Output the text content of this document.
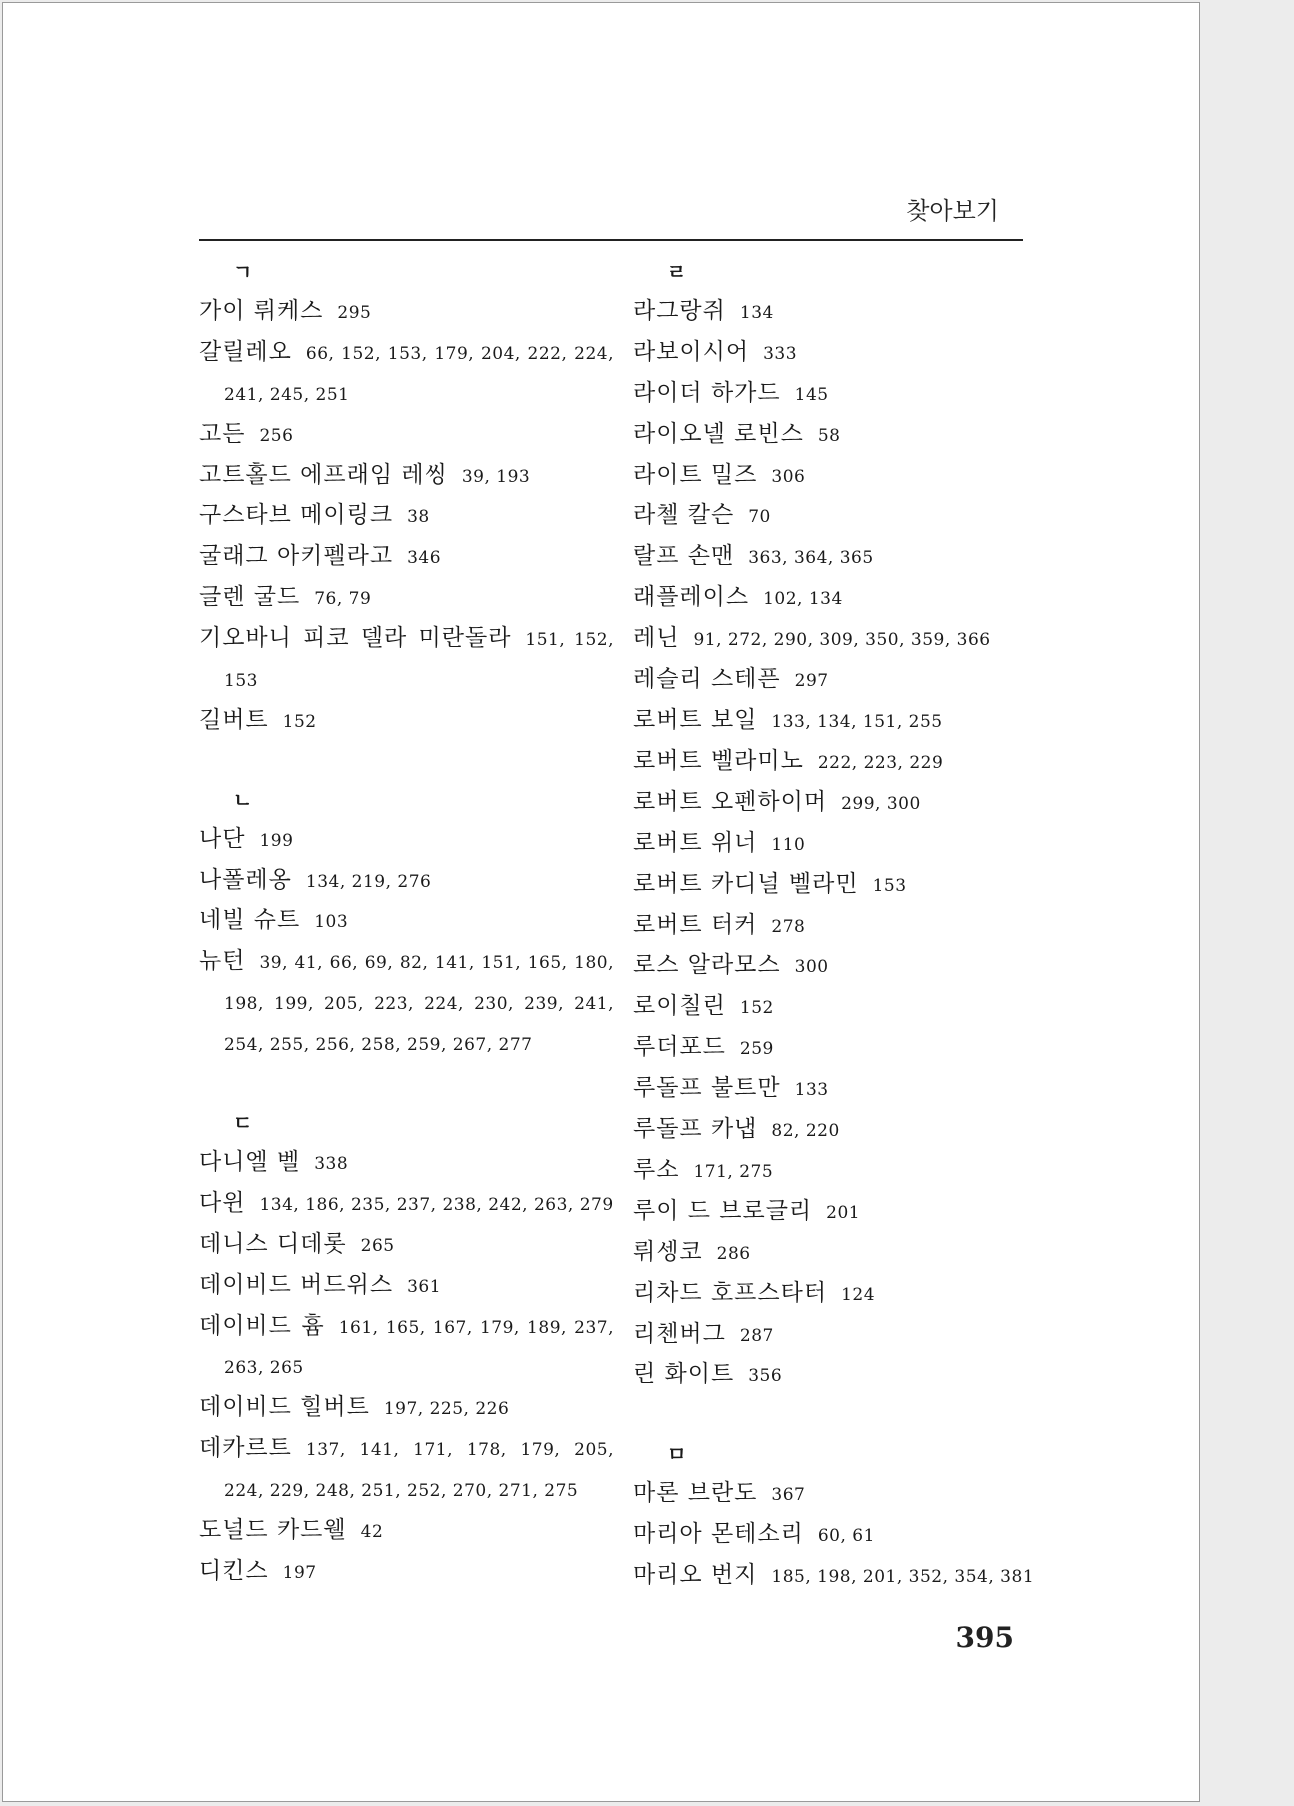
찾아보기
ㄱ
가이 뤼케스 295
갈릴레오 66, 152, 153, 179, 204, 222, 224, 241, 245, 251
고든 256
고트홀드 에프래임 레씽 39, 193
구스타브 메이링크 38
굴래그 아키펠라고 346
글렌 굴드 76, 79
기오바니 피코 델라 미란돌라 151, 152, 153
길버트 152
ㄴ
나단 199
나폴레옹 134, 219, 276
네빌 슈트 103
뉴턴 39, 41, 66, 69, 82, 141, 151, 165, 180, 198, 199, 205, 223, 224, 230, 239, 241, 254, 255, 256, 258, 259, 267, 277
ㄷ
다니엘 벨 338
다윈 134, 186, 235, 237, 238, 242, 263, 279
데니스 디데롯 265
데이비드 버드위스 361
데이비드 흄 161, 165, 167, 179, 189, 237, 263, 265
데이비드 힐버트 197, 225, 226
데카르트 137, 141, 171, 178, 179, 205, 224, 229, 248, 251, 252, 270, 271, 275
도널드 카드웰 42
디킨스 197
ㄹ
라그랑쥐 134
라보이시어 333
라이더 하가드 145
라이오넬 로빈스 58
라이트 밀즈 306
라첼 칼슨 70
랄프 손맨 363, 364, 365
래플레이스 102, 134
레닌 91, 272, 290, 309, 350, 359, 366
레슬리 스테픈 297
로버트 보일 133, 134, 151, 255
로버트 벨라미노 222, 223, 229
로버트 오펜하이머 299, 300
로버트 위너 110
로버트 카디널 벨라민 153
로버트 터커 278
로스 알라모스 300
로이칠린 152
루더포드 259
루돌프 불트만 133
루돌프 카냅 82, 220
루소 171, 275
루이 드 브로글리 201
뤼셍코 286
리차드 호프스타터 124
리첸버그 287
린 화이트 356
ㅁ
마론 브란도 367
마리아 몬테소리 60, 61
마리오 번지 185, 198, 201, 352, 354, 381
395
